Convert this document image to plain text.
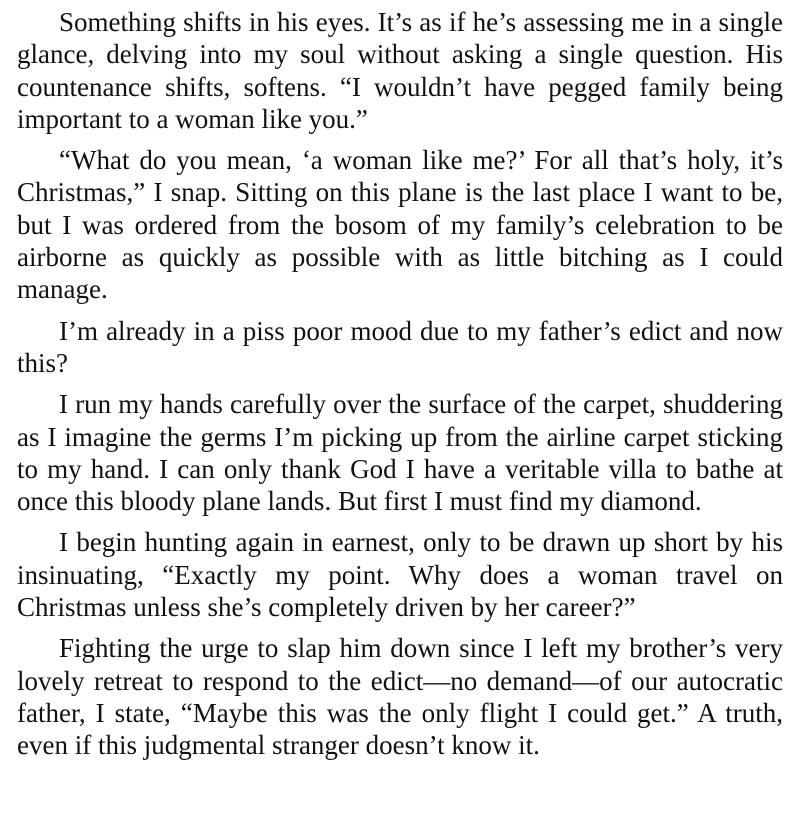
Something shifts in his eyes. It’s as if he’s assessing me in a single glance, delving into my soul without asking a single question. His countenance shifts, softens. “I wouldn’t have pegged family being important to a woman like you.”

“What do you mean, ‘a woman like me?’ For all that’s holy, it’s Christmas,” I snap. Sitting on this plane is the last place I want to be, but I was ordered from the bosom of my family’s celebration to be airborne as quickly as possible with as little bitching as I could manage.

I’m already in a piss poor mood due to my father’s edict and now this?

I run my hands carefully over the surface of the carpet, shuddering as I imagine the germs I’m picking up from the airline carpet sticking to my hand. I can only thank God I have a veritable villa to bathe at once this bloody plane lands. But first I must find my diamond.

I begin hunting again in earnest, only to be drawn up short by his insinuating, “Exactly my point. Why does a woman travel on Christmas unless she’s completely driven by her career?”

Fighting the urge to slap him down since I left my brother’s very lovely retreat to respond to the edict—no demand—of our autocratic father, I state, “Maybe this was the only flight I could get.” A truth, even if this judgmental stranger doesn’t know it.
